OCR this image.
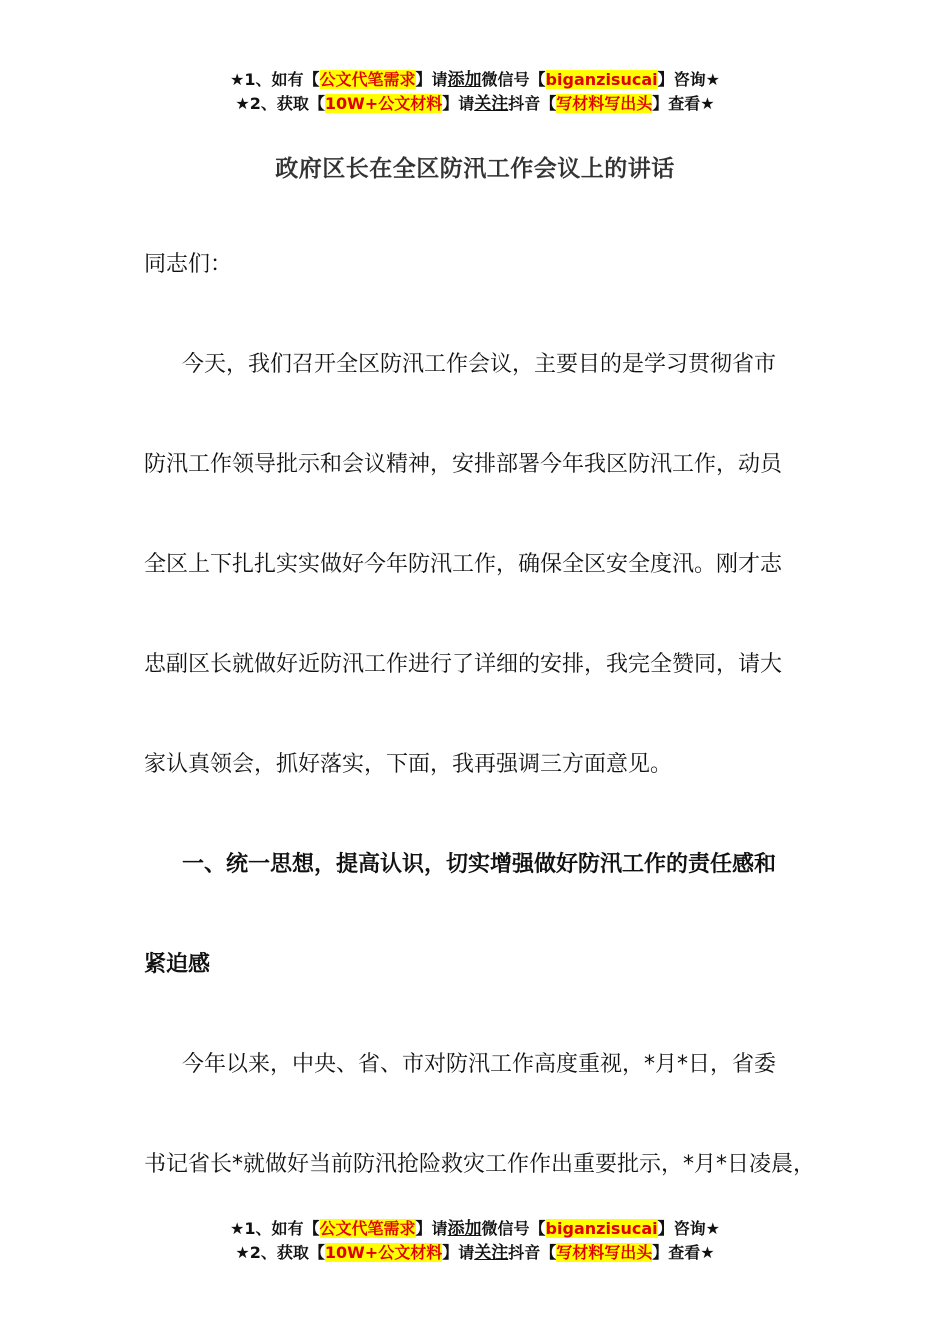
★1、如有【公文代笔需求】请添加微信号【biganzisucai】咨询★
★2、获取【10W+公文材料】请关注抖音【写材料写出头】查看★
政府区长在全区防汛工作会议上的讲话

同志们：

今天，我们召开全区防汛工作会议，主要目的是学习贯彻省市

防汛工作领导批示和会议精神，安排部署今年我区防汛工作，动员

全区上下扎扎实实做好今年防汛工作，确保全区安全度汛。刚才志

忠副区长就做好近防汛工作进行了详细的安排，我完全赞同，请大

家认真领会，抓好落实，下面，我再强调三方面意见。

一、统一思想，提高认识，切实增强做好防汛工作的责任感和

紧迫感

今年以来，中央、省、市对防汛工作高度重视，*月*日，省委

书记省长*就做好当前防汛抢险救灾工作作出重要批示，*月*日凌晨，

★1、如有【公文代笔需求】请添加微信号【biganzisucai】咨询★
★2、获取【10W+公文材料】请关注抖音【写材料写出头】查看★
